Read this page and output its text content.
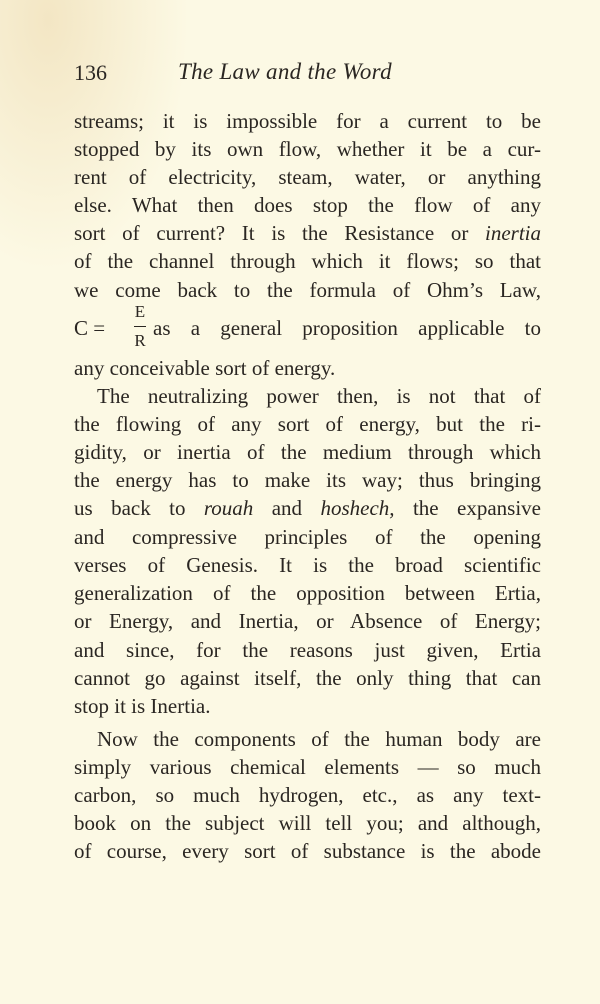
136	The Law and the Word
C =
E
R
as a general proposition applicable to
streams; it is impossible for a current to be
stopped by its own flow, whether it be a cur-
rent of electricity, steam, water, or anything
else. What then does stop the flow of any
sort of current? It is the Resistance or inertia
of the channel through which it flows; so that
we come back to the formula of Ohm’s Law,
any conceivable sort of energy.
The neutralizing power then, is not that of
the flowing of any sort of energy, but the ri-
gidity, or inertia of the medium through which
the energy has to make its way; thus bringing
us back to rouah and hoshech, the expansive
and compressive principles of the opening
verses of Genesis. It is the broad scientific
generalization of the opposition between Ertia,
or Energy, and Inertia, or Absence of Energy;
and since, for the reasons just given, Ertia
cannot go against itself, the only thing that can
stop it is Inertia.
Now the components of the human body are
simply various chemical elements — so much
carbon, so much hydrogen, etc., as any text-
book on the subject will tell you; and although,
of course, every sort of substance is the abode
